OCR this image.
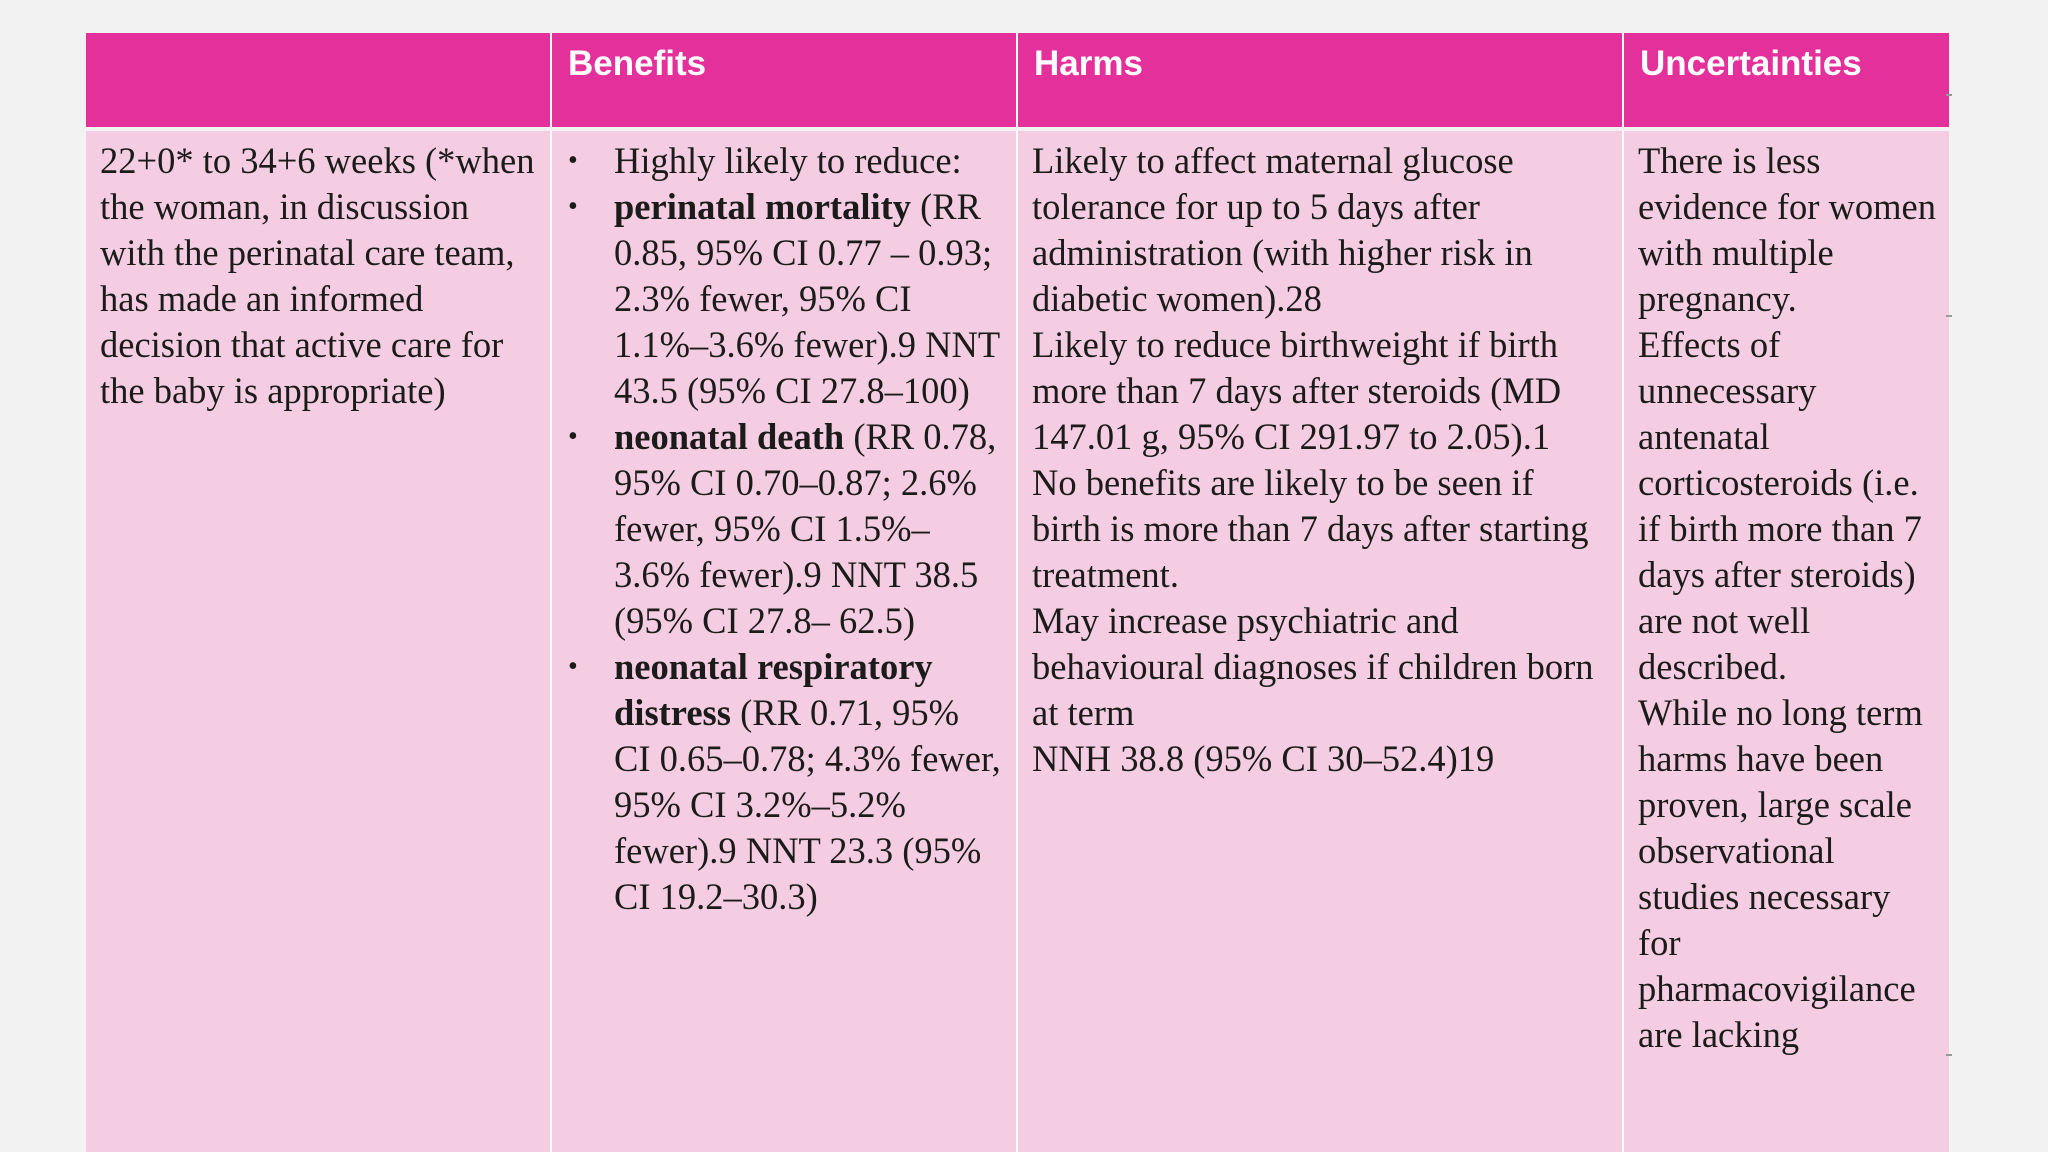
Benefits	Harms	Uncertainties

22+0* to 34+6 weeks (*when the woman, in discussion with the perinatal care team, has made an informed decision that active care for the baby is appropriate)

• Highly likely to reduce:
• perinatal mortality (RR 0.85, 95% CI 0.77 – 0.93; 2.3% fewer, 95% CI 1.1%–3.6% fewer).9 NNT 43.5 (95% CI 27.8–100)
• neonatal death (RR 0.78, 95% CI 0.70–0.87; 2.6% fewer, 95% CI 1.5%–3.6% fewer).9 NNT 38.5 (95% CI 27.8– 62.5)
• neonatal respiratory distress (RR 0.71, 95% CI 0.65–0.78; 4.3% fewer, 95% CI 3.2%–5.2% fewer).9 NNT 23.3 (95% CI 19.2–30.3)

Likely to affect maternal glucose tolerance for up to 5 days after administration (with higher risk in diabetic women).28

Likely to reduce birthweight if birth more than 7 days after steroids (MD 147.01 g, 95% CI 291.97 to 2.05).1

No benefits are likely to be seen if birth is more than 7 days after starting treatment.

May increase psychiatric and behavioural diagnoses if children born at term

NNH 38.8 (95% CI 30–52.4)19

There is less evidence for women with multiple pregnancy.

Effects of unnecessary antenatal corticosteroids (i.e. if birth more than 7 days after steroids) are not well described.

While no long term harms have been proven, large scale observational studies necessary for pharmacovigilance are lacking
